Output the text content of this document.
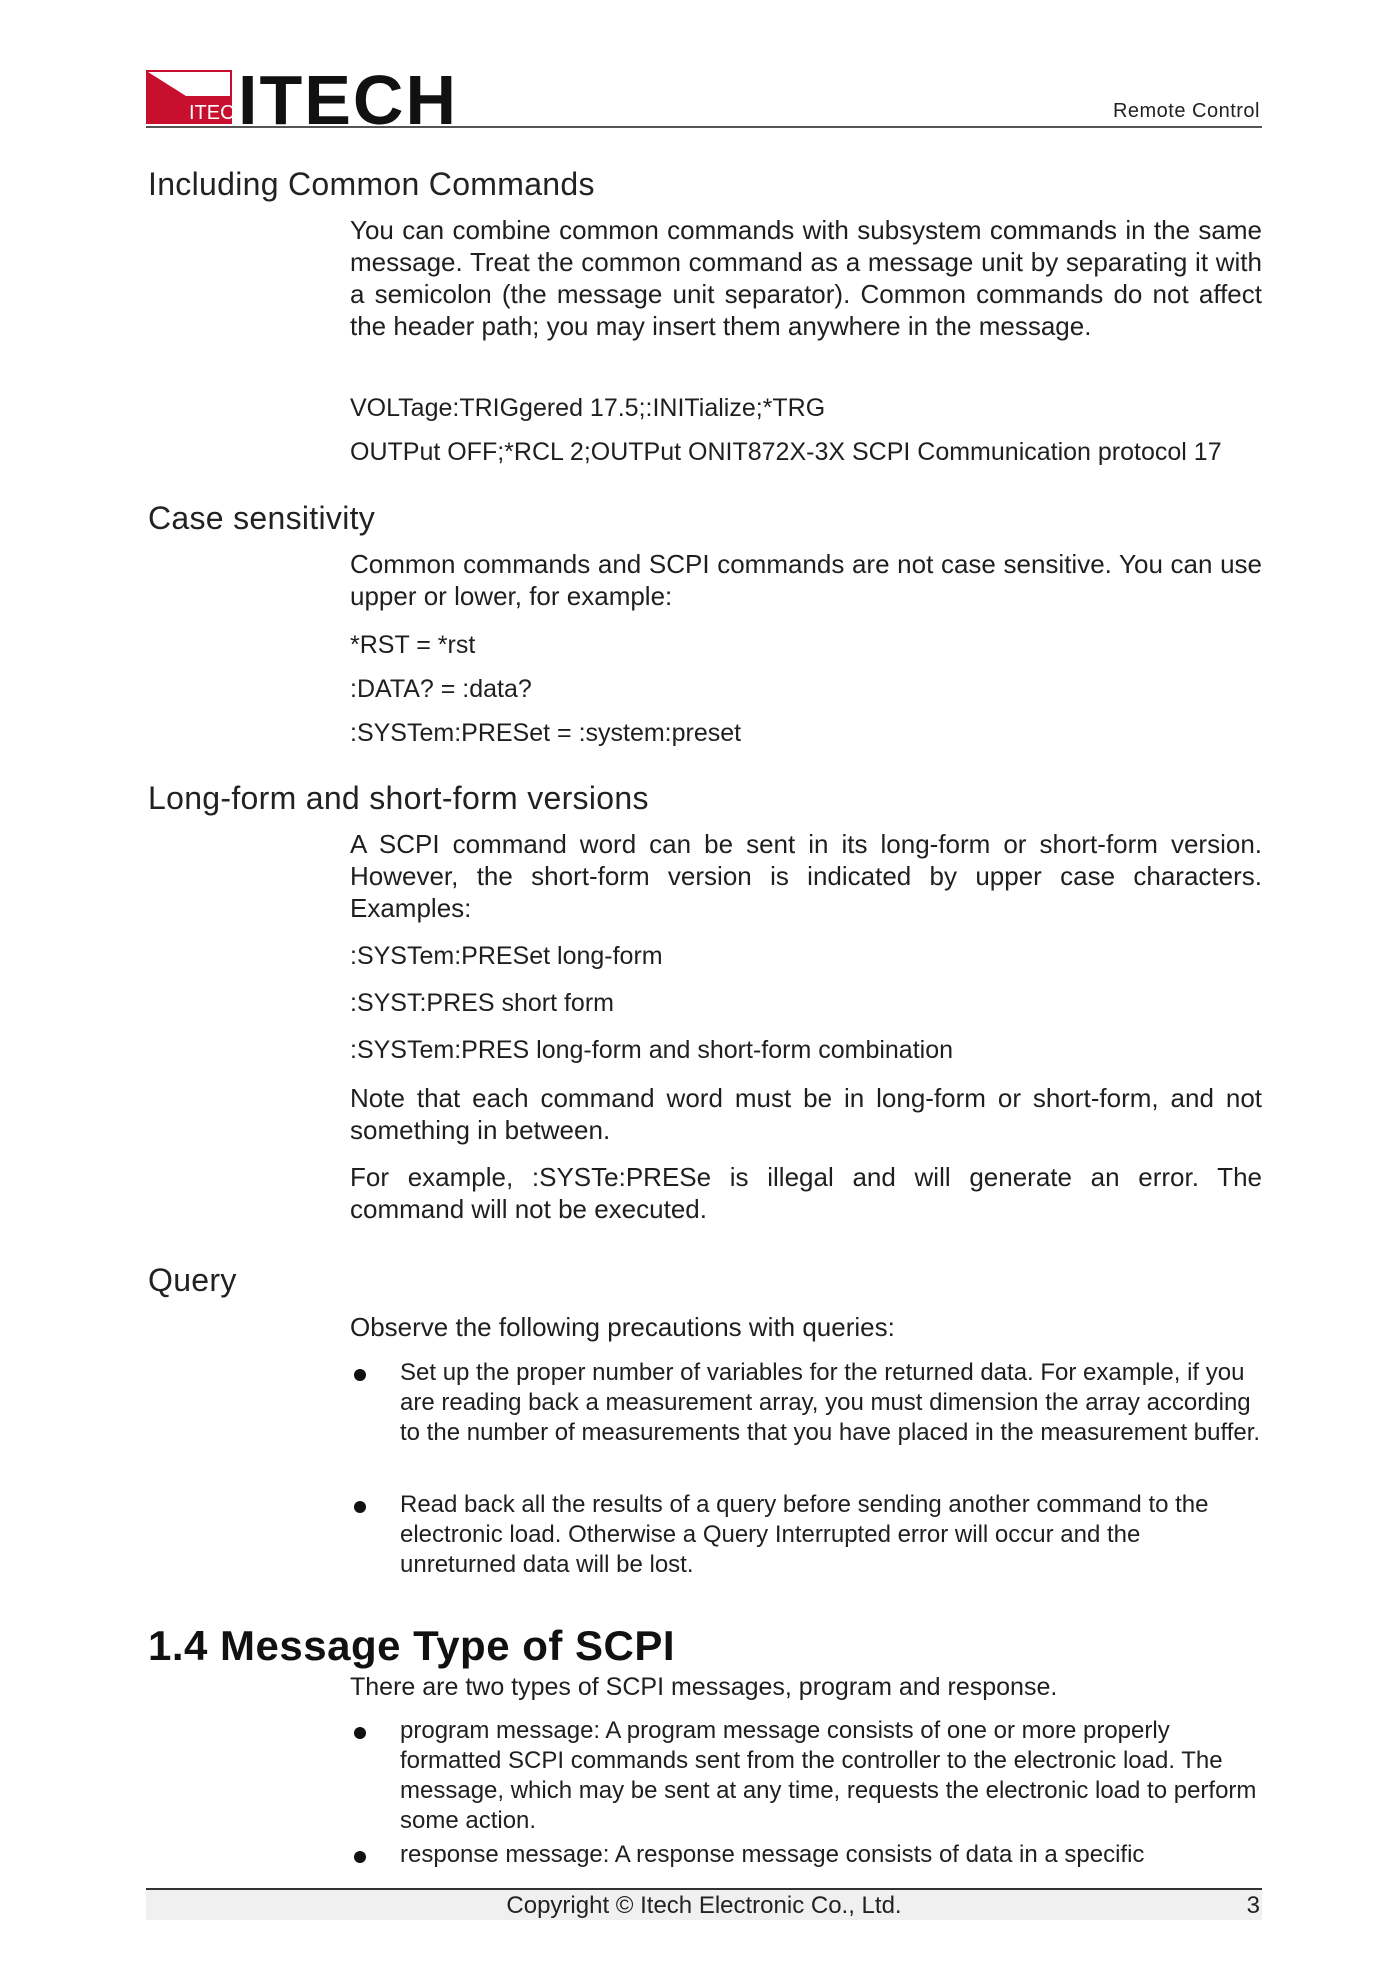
ITECH
ITECH	Remote Control
Including Common Commands

You can combine common commands with subsystem commands in the same message. Treat the common command as a message unit by separating it with a semicolon (the message unit separator). Common commands do not affect the header path; you may insert them anywhere in the message.

VOLTage:TRIGgered 17.5;:INITialize;*TRG

OUTPut OFF;*RCL 2;OUTPut ONIT872X-3X SCPI Communication protocol 17

Case sensitivity

Common commands and SCPI commands are not case sensitive. You can use upper or lower, for example:

*RST = *rst

:DATA? = :data?

:SYSTem:PRESet = :system:preset

Long-form and short-form versions

A SCPI command word can be sent in its long-form or short-form version. However, the short-form version is indicated by upper case characters. Examples:

:SYSTem:PRESet long-form

:SYST:PRES short form

:SYSTem:PRES long-form and short-form combination

Note that each command word must be in long-form or short-form, and not something in between.

For example, :SYSTe:PRESe is illegal and will generate an error. The command will not be executed.

Query

Observe the following precautions with queries:

Set up the proper number of variables for the returned data. For example, if you are reading back a measurement array, you must dimension the array according to the number of measurements that you have placed in the measurement buffer.

Read back all the results of a query before sending another command to the electronic load. Otherwise a Query Interrupted error will occur and the unreturned data will be lost.

1.4 Message Type of SCPI

There are two types of SCPI messages, program and response.

program message: A program message consists of one or more properly formatted SCPI commands sent from the controller to the electronic load. The message, which may be sent at any time, requests the electronic load to perform some action.

response message: A response message consists of data in a specific

Copyright © Itech Electronic Co., Ltd.	3
